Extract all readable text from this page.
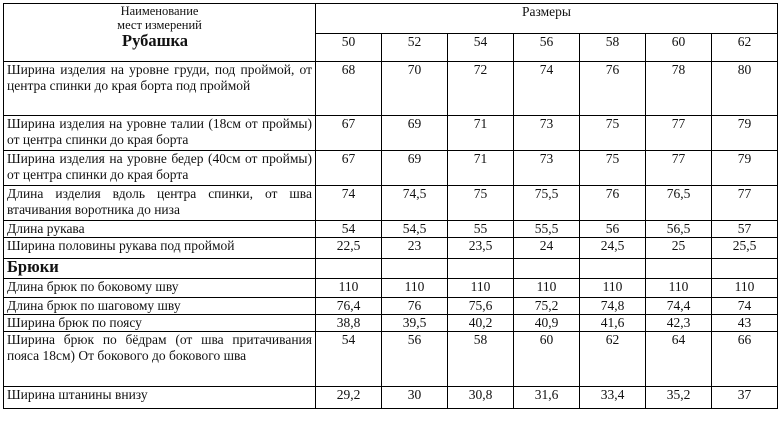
Наименование
мест измерений
Рубашка	Размеры						
	50	52	54	56	58	60	62
Ширина изделия на уровне груди, под проймой, от центра спинки до края борта под проймой	68	70	72	74	76	78	80
Ширина изделия на уровне талии (18см от проймы) от центра спинки до края борта	67	69	71	73	75	77	79
Ширина изделия на уровне бедер (40см от проймы) от центра спинки до края борта	67	69	71	73	75	77	79
Длина изделия вдоль центра спинки, от шва втачивания воротника до низа	74	74,5	75	75,5	76	76,5	77
Длина рукава	54	54,5	55	55,5	56	56,5	57
Ширина половины рукава под проймой	22,5	23	23,5	24	24,5	25	25,5
Брюки							
Длина брюк по боковому шву	110	110	110	110	110	110	110
Длина брюк по шаговому шву	76,4	76	75,6	75,2	74,8	74,4	74
Ширина брюк по поясу	38,8	39,5	40,2	40,9	41,6	42,3	43
Ширина брюк по бёдрам (от шва притачивания пояса 18см) От бокового до бокового шва	54	56	58	60	62	64	66
Ширина штанины внизу	29,2	30	30,8	31,6	33,4	35,2	37
